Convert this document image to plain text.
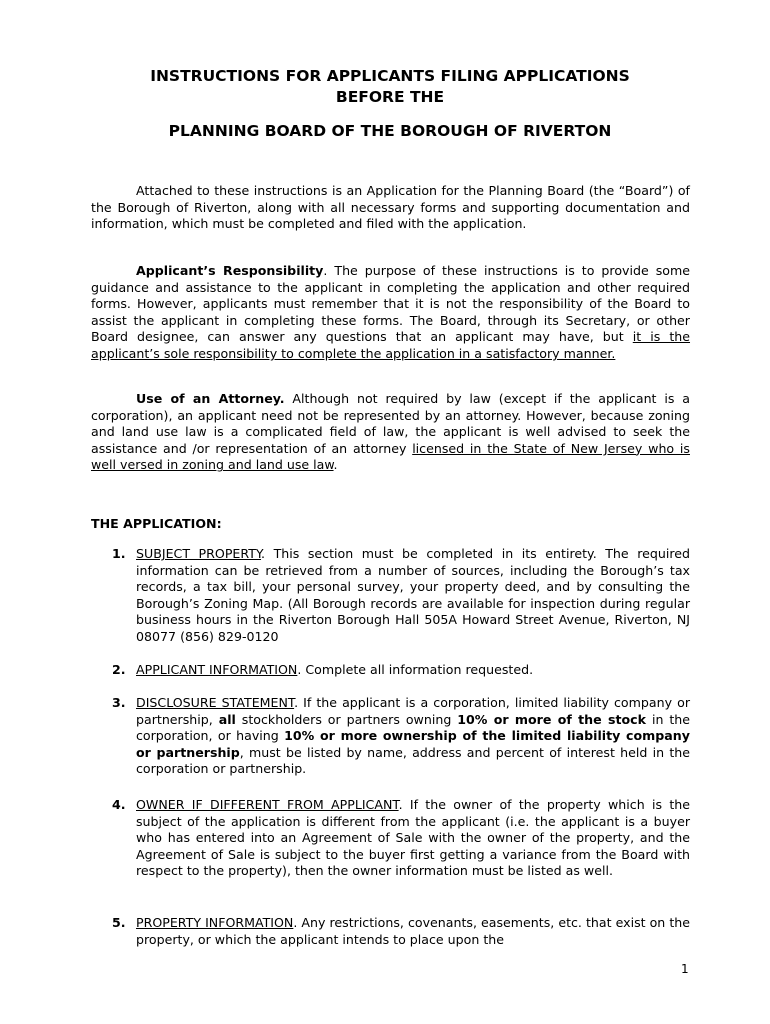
INSTRUCTIONS FOR APPLICANTS FILING APPLICATIONS
BEFORE THE
PLANNING BOARD OF THE BOROUGH OF RIVERTON
Attached to these instructions is an Application for the Planning Board (the “Board”) of the Borough of Riverton, along with all necessary forms and supporting documentation and information, which must be completed and filed with the application.
Applicant’s Responsibility. The purpose of these instructions is to provide some guidance and assistance to the applicant in completing the application and other required forms. However, applicants must remember that it is not the responsibility of the Board to assist the applicant in completing these forms. The Board, through its Secretary, or other Board designee, can answer any questions that an applicant may have, but it is the applicant’s sole responsibility to complete the application in a satisfactory manner.
Use of an Attorney. Although not required by law (except if the applicant is a corporation), an applicant need not be represented by an attorney. However, because zoning and land use law is a complicated field of law, the applicant is well advised to seek the assistance and /or representation of an attorney licensed in the State of New Jersey who is well versed in zoning and land use law.
THE APPLICATION:
1. SUBJECT PROPERTY. This section must be completed in its entirety. The required information can be retrieved from a number of sources, including the Borough’s tax records, a tax bill, your personal survey, your property deed, and by consulting the Borough’s Zoning Map. (All Borough records are available for inspection during regular business hours in the Riverton Borough Hall 505A Howard Street Avenue, Riverton, NJ 08077 (856) 829-0120
2. APPLICANT INFORMATION. Complete all information requested.
3. DISCLOSURE STATEMENT. If the applicant is a corporation, limited liability company or partnership, all stockholders or partners owning 10% or more of the stock in the corporation, or having 10% or more ownership of the limited liability company or partnership, must be listed by name, address and percent of interest held in the corporation or partnership.
4. OWNER IF DIFFERENT FROM APPLICANT. If the owner of the property which is the subject of the application is different from the applicant (i.e. the applicant is a buyer who has entered into an Agreement of Sale with the owner of the property, and the Agreement of Sale is subject to the buyer first getting a variance from the Board with respect to the property), then the owner information must be listed as well.
5. PROPERTY INFORMATION. Any restrictions, covenants, easements, etc. that exist on the property, or which the applicant intends to place upon the
1
